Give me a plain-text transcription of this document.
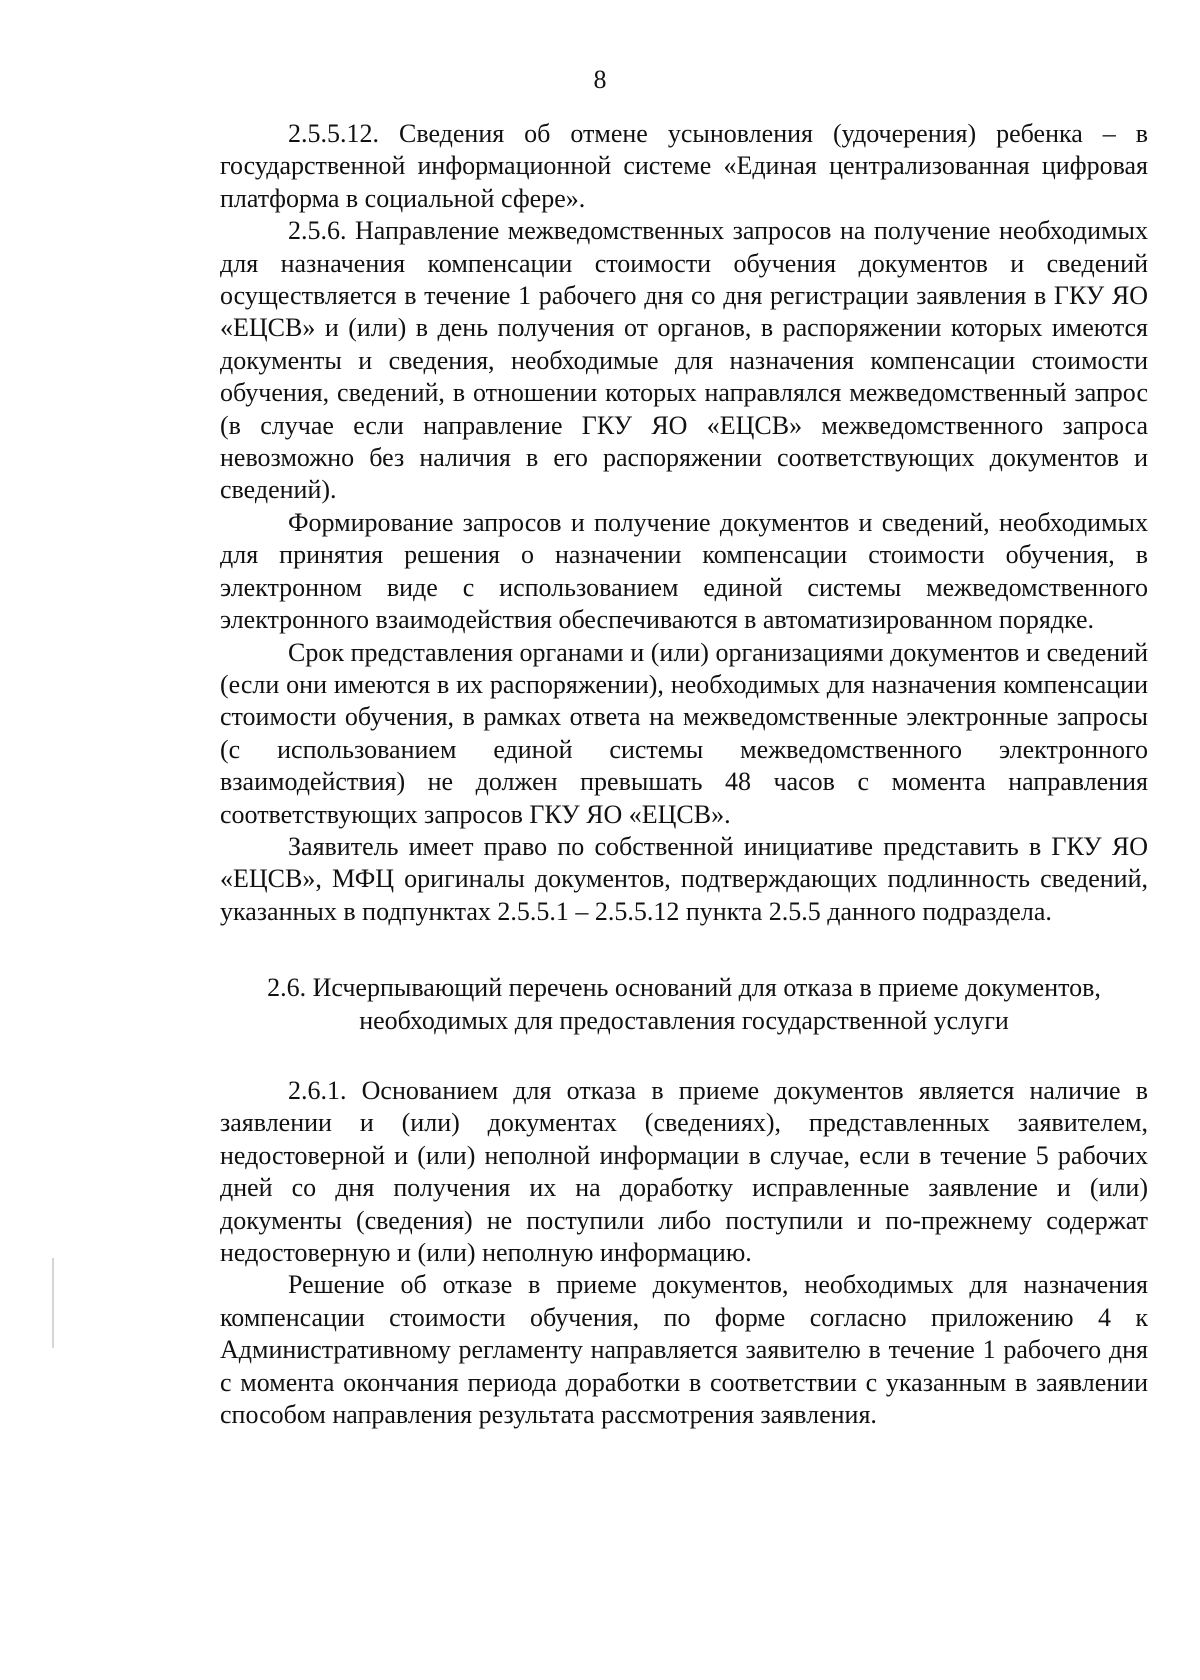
8

2.5.5.12. Сведения об отмене усыновления (удочерения) ребенка – в государственной информационной системе «Единая централизованная цифровая платформа в социальной сфере».

2.5.6. Направление межведомственных запросов на получение необходимых для назначения компенсации стоимости обучения документов и сведений осуществляется в течение 1 рабочего дня со дня регистрации заявления в ГКУ ЯО «ЕЦСВ» и (или) в день получения от органов, в распоряжении которых имеются документы и сведения, необходимые для назначения компенсации стоимости обучения, сведений, в отношении которых направлялся межведомственный запрос (в случае если направление ГКУ ЯО «ЕЦСВ» межведомственного запроса невозможно без наличия в его распоряжении соответствующих документов и сведений).

Формирование запросов и получение документов и сведений, необходимых для принятия решения о назначении компенсации стоимости обучения, в электронном виде с использованием единой системы межведомственного электронного взаимодействия обеспечиваются в автоматизированном порядке.

Срок представления органами и (или) организациями документов и сведений (если они имеются в их распоряжении), необходимых для назначения компенсации стоимости обучения, в рамках ответа на межведомственные электронные запросы (с использованием единой системы межведомственного электронного взаимодействия) не должен превышать 48 часов с момента направления соответствующих запросов ГКУ ЯО «ЕЦСВ».

Заявитель имеет право по собственной инициативе представить в ГКУ ЯО «ЕЦСВ», МФЦ оригиналы документов, подтверждающих подлинность сведений, указанных в подпунктах 2.5.5.1 – 2.5.5.12 пункта 2.5.5 данного подраздела.

2.6. Исчерпывающий перечень оснований для отказа в приеме документов,
необходимых для предоставления государственной услуги

2.6.1. Основанием для отказа в приеме документов является наличие в заявлении и (или) документах (сведениях), представленных заявителем, недостоверной и (или) неполной информации в случае, если в течение 5 рабочих дней со дня получения их на доработку исправленные заявление и (или) документы (сведения) не поступили либо поступили и по-прежнему содержат недостоверную и (или) неполную информацию.

Решение об отказе в приеме документов, необходимых для назначения компенсации стоимости обучения, по форме согласно приложению 4 к Административному регламенту направляется заявителю в течение 1 рабочего дня с момента окончания периода доработки в соответствии с указанным в заявлении способом направления результата рассмотрения заявления.
